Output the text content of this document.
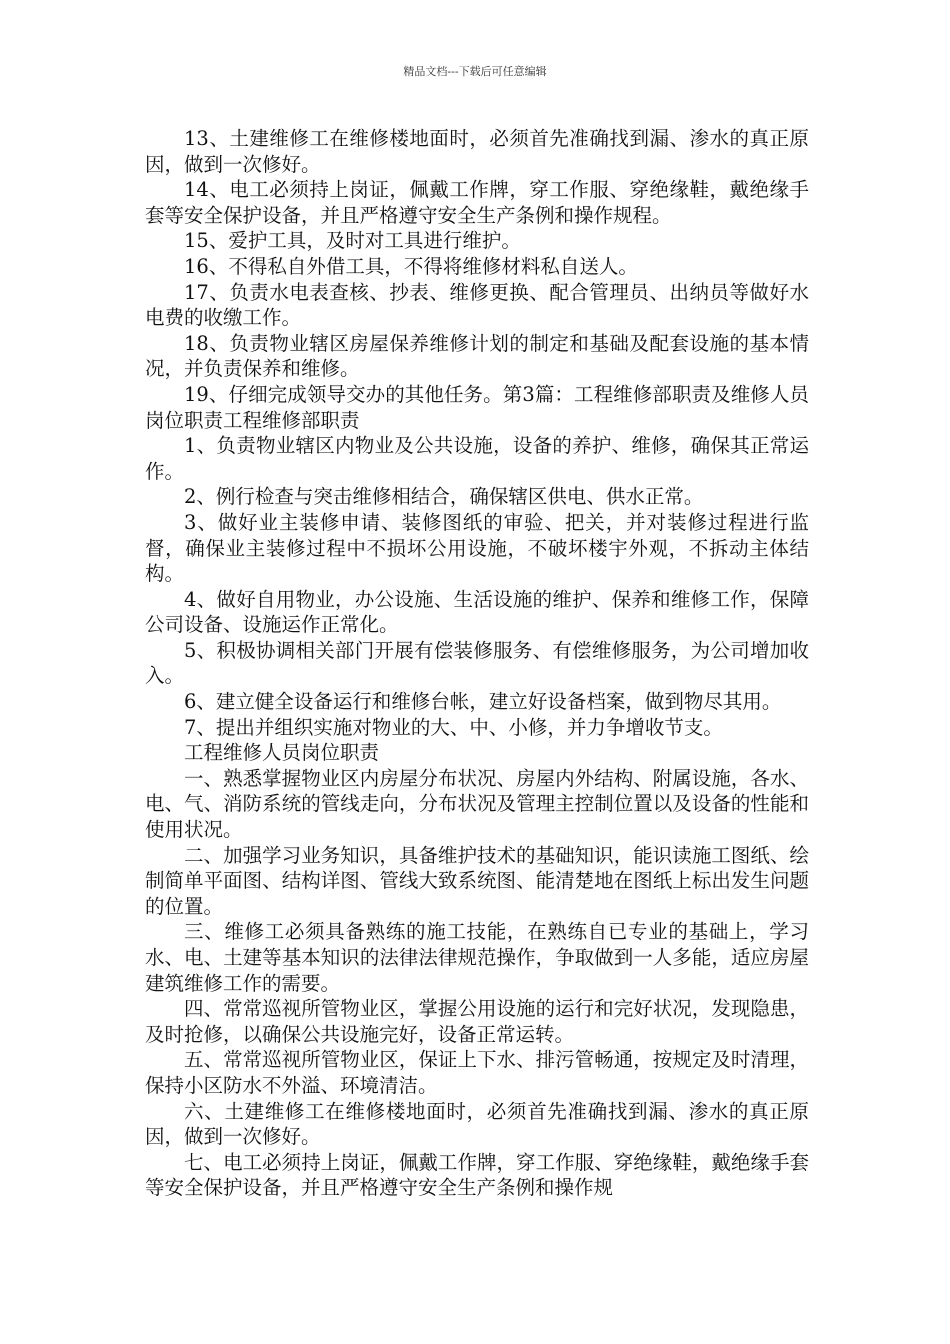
精品文档---下载后可任意编辑

13、土建维修工在维修楼地面时，必须首先准确找到漏、渗水的真正原因，做到一次修好。

14、电工必须持上岗证，佩戴工作牌，穿工作服、穿绝缘鞋，戴绝缘手套等安全保护设备，并且严格遵守安全生产条例和操作规程。

15、爱护工具，及时对工具进行维护。

16、不得私自外借工具，不得将维修材料私自送人。

17、负责水电表查核、抄表、维修更换、配合管理员、出纳员等做好水电费的收缴工作。

18、负责物业辖区房屋保养维修计划的制定和基础及配套设施的基本情况，并负责保养和维修。

19、仔细完成领导交办的其他任务。第3篇：工程维修部职责及维修人员岗位职责工程维修部职责

1、负责物业辖区内物业及公共设施，设备的养护、维修，确保其正常运作。

2、例行检查与突击维修相结合，确保辖区供电、供水正常。

3、做好业主装修申请、装修图纸的审验、把关，并对装修过程进行监督，确保业主装修过程中不损坏公用设施，不破坏楼宇外观，不拆动主体结构。

4、做好自用物业，办公设施、生活设施的维护、保养和维修工作，保障公司设备、设施运作正常化。

5、积极协调相关部门开展有偿装修服务、有偿维修服务，为公司增加收入。

6、建立健全设备运行和维修台帐，建立好设备档案，做到物尽其用。

7、提出并组织实施对物业的大、中、小修，并力争增收节支。

工程维修人员岗位职责

一、熟悉掌握物业区内房屋分布状况、房屋内外结构、附属设施，各水、电、气、消防系统的管线走向，分布状况及管理主控制位置以及设备的性能和使用状况。

二、加强学习业务知识，具备维护技术的基础知识，能识读施工图纸、绘制简单平面图、结构详图、管线大致系统图、能清楚地在图纸上标出发生问题的位置。

三、维修工必须具备熟练的施工技能，在熟练自已专业的基础上，学习水、电、土建等基本知识的法律法律规范操作，争取做到一人多能，适应房屋建筑维修工作的需要。

四、常常巡视所管物业区，掌握公用设施的运行和完好状况，发现隐患，及时抢修，以确保公共设施完好，设备正常运转。

五、常常巡视所管物业区，保证上下水、排污管畅通，按规定及时清理，保持小区防水不外溢、环境清洁。

六、土建维修工在维修楼地面时，必须首先准确找到漏、渗水的真正原因，做到一次修好。

七、电工必须持上岗证，佩戴工作牌，穿工作服、穿绝缘鞋，戴绝缘手套等安全保护设备，并且严格遵守安全生产条例和操作规
